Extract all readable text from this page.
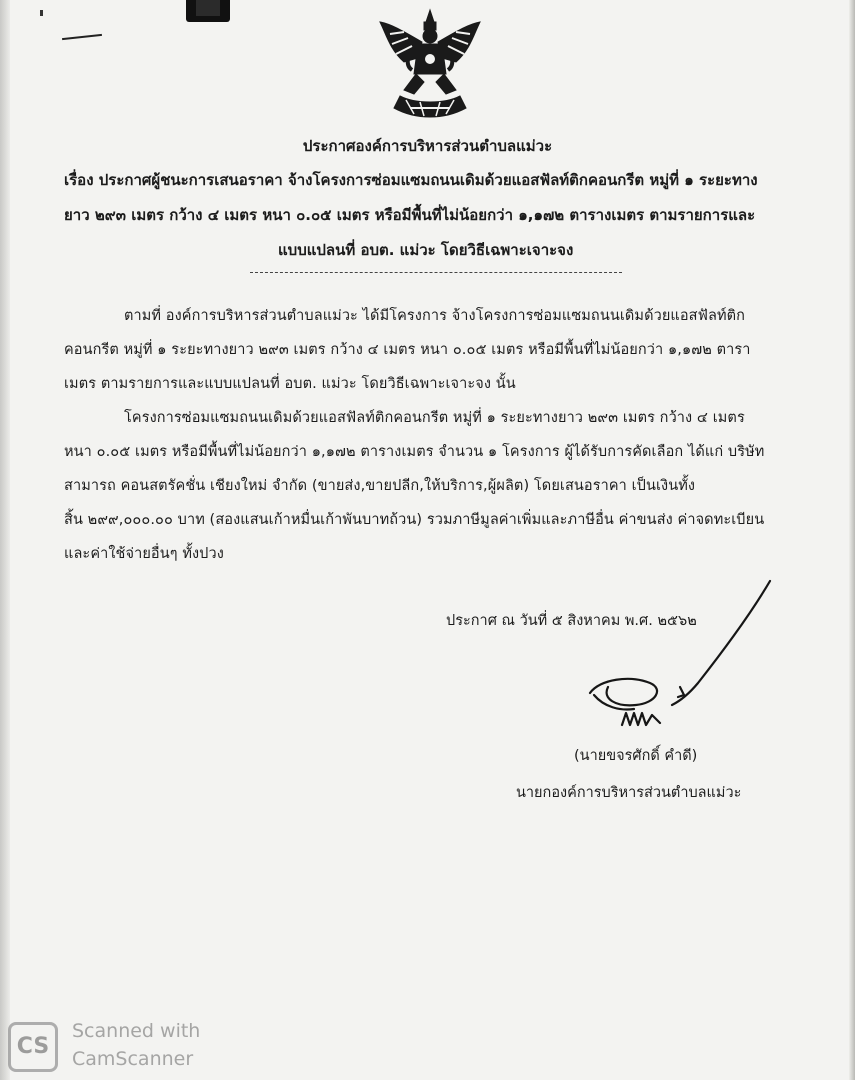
ประกาศองค์การบริหารส่วนตำบลแม่วะ
เรื่อง ประกาศผู้ชนะการเสนอราคา จ้างโครงการซ่อมแซมถนนเดิมด้วยแอสฟัลท์ติกคอนกรีต หมู่ที่ ๑ ระยะทาง
ยาว ๒๙๓ เมตร กว้าง ๔ เมตร หนา ๐.๐๕ เมตร หรือมีพื้นที่ไม่น้อยกว่า ๑,๑๗๒ ตารางเมตร ตามรายการและ
แบบแปลนที่ อบต. แม่วะ โดยวิธีเฉพาะเจาะจง
ตามที่ องค์การบริหารส่วนตำบลแม่วะ ได้มีโครงการ จ้างโครงการซ่อมแซมถนนเดิมด้วยแอสฟัลท์ติก
คอนกรีต หมู่ที่ ๑ ระยะทางยาว ๒๙๓ เมตร กว้าง ๔ เมตร หนา ๐.๐๕ เมตร หรือมีพื้นที่ไม่น้อยกว่า ๑,๑๗๒ ตารา
เมตร ตามรายการและแบบแปลนที่ อบต. แม่วะ โดยวิธีเฉพาะเจาะจง นั้น
โครงการซ่อมแซมถนนเดิมด้วยแอสฟัลท์ติกคอนกรีต หมู่ที่ ๑ ระยะทางยาว ๒๙๓ เมตร กว้าง ๔ เมตร
หนา ๐.๐๕ เมตร หรือมีพื้นที่ไม่น้อยกว่า ๑,๑๗๒ ตารางเมตร จำนวน ๑ โครงการ ผู้ได้รับการคัดเลือก ได้แก่ บริษัท
สามารถ คอนสตรัคชั่น เชียงใหม่ จำกัด (ขายส่ง,ขายปลีก,ให้บริการ,ผู้ผลิต) โดยเสนอราคา เป็นเงินทั้ง
สิ้น ๒๙๙,๐๐๐.๐๐ บาท (สองแสนเก้าหมื่นเก้าพันบาทถ้วน) รวมภาษีมูลค่าเพิ่มและภาษีอื่น ค่าขนส่ง ค่าจดทะเบียน
และค่าใช้จ่ายอื่นๆ ทั้งปวง
ประกาศ ณ วันที่ ๕ สิงหาคม พ.ศ. ๒๕๖๒
(นายขจรศักดิ์ คำดี)
นายกองค์การบริหารส่วนตำบลแม่วะ
CS
Scanned with
CamScanner
